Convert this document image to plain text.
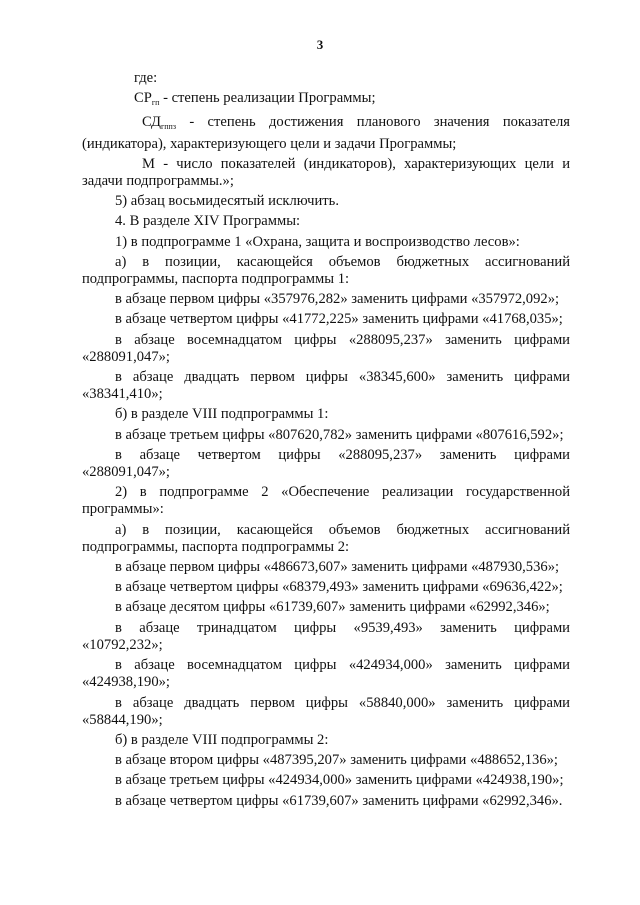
3

где:

$СР_{гп}$ - степень реализации Программы;

$СД_{гппз}$ - степень достижения планового значения показателя (индикатора), характеризующего цели и задачи Программы;

М - число показателей (индикаторов), характеризующих цели и задачи подпрограммы.»;

5) абзац восьмидесятый исключить.

4. В разделе XIV Программы:

1) в подпрограмме 1 «Охрана, защита и воспроизводство лесов»:

а) в позиции, касающейся объемов бюджетных ассигнований подпрограммы, паспорта подпрограммы 1:

в абзаце первом цифры «357976,282» заменить цифрами «357972,092»;

в абзаце четвертом цифры «41772,225» заменить цифрами «41768,035»;

в абзаце восемнадцатом цифры «288095,237» заменить цифрами «288091,047»;

в абзаце двадцать первом цифры «38345,600» заменить цифрами «38341,410»;

б) в разделе VIII подпрограммы 1:

в абзаце третьем цифры «807620,782» заменить цифрами «807616,592»;

в абзаце четвертом цифры «288095,237» заменить цифрами «288091,047»;

2) в подпрограмме 2 «Обеспечение реализации государственной программы»:

а) в позиции, касающейся объемов бюджетных ассигнований подпрограммы, паспорта подпрограммы 2:

в абзаце первом цифры «486673,607» заменить цифрами «487930,536»;

в абзаце четвертом цифры «68379,493» заменить цифрами «69636,422»;

в абзаце десятом цифры «61739,607» заменить цифрами «62992,346»;

в абзаце тринадцатом цифры «9539,493» заменить цифрами «10792,232»;

в абзаце восемнадцатом цифры «424934,000» заменить цифрами «424938,190»;

в абзаце двадцать первом цифры «58840,000» заменить цифрами «58844,190»;

б) в разделе VIII подпрограммы 2:

в абзаце втором цифры «487395,207» заменить цифрами «488652,136»;

в абзаце третьем цифры «424934,000» заменить цифрами «424938,190»;

в абзаце четвертом цифры «61739,607» заменить цифрами «62992,346».
